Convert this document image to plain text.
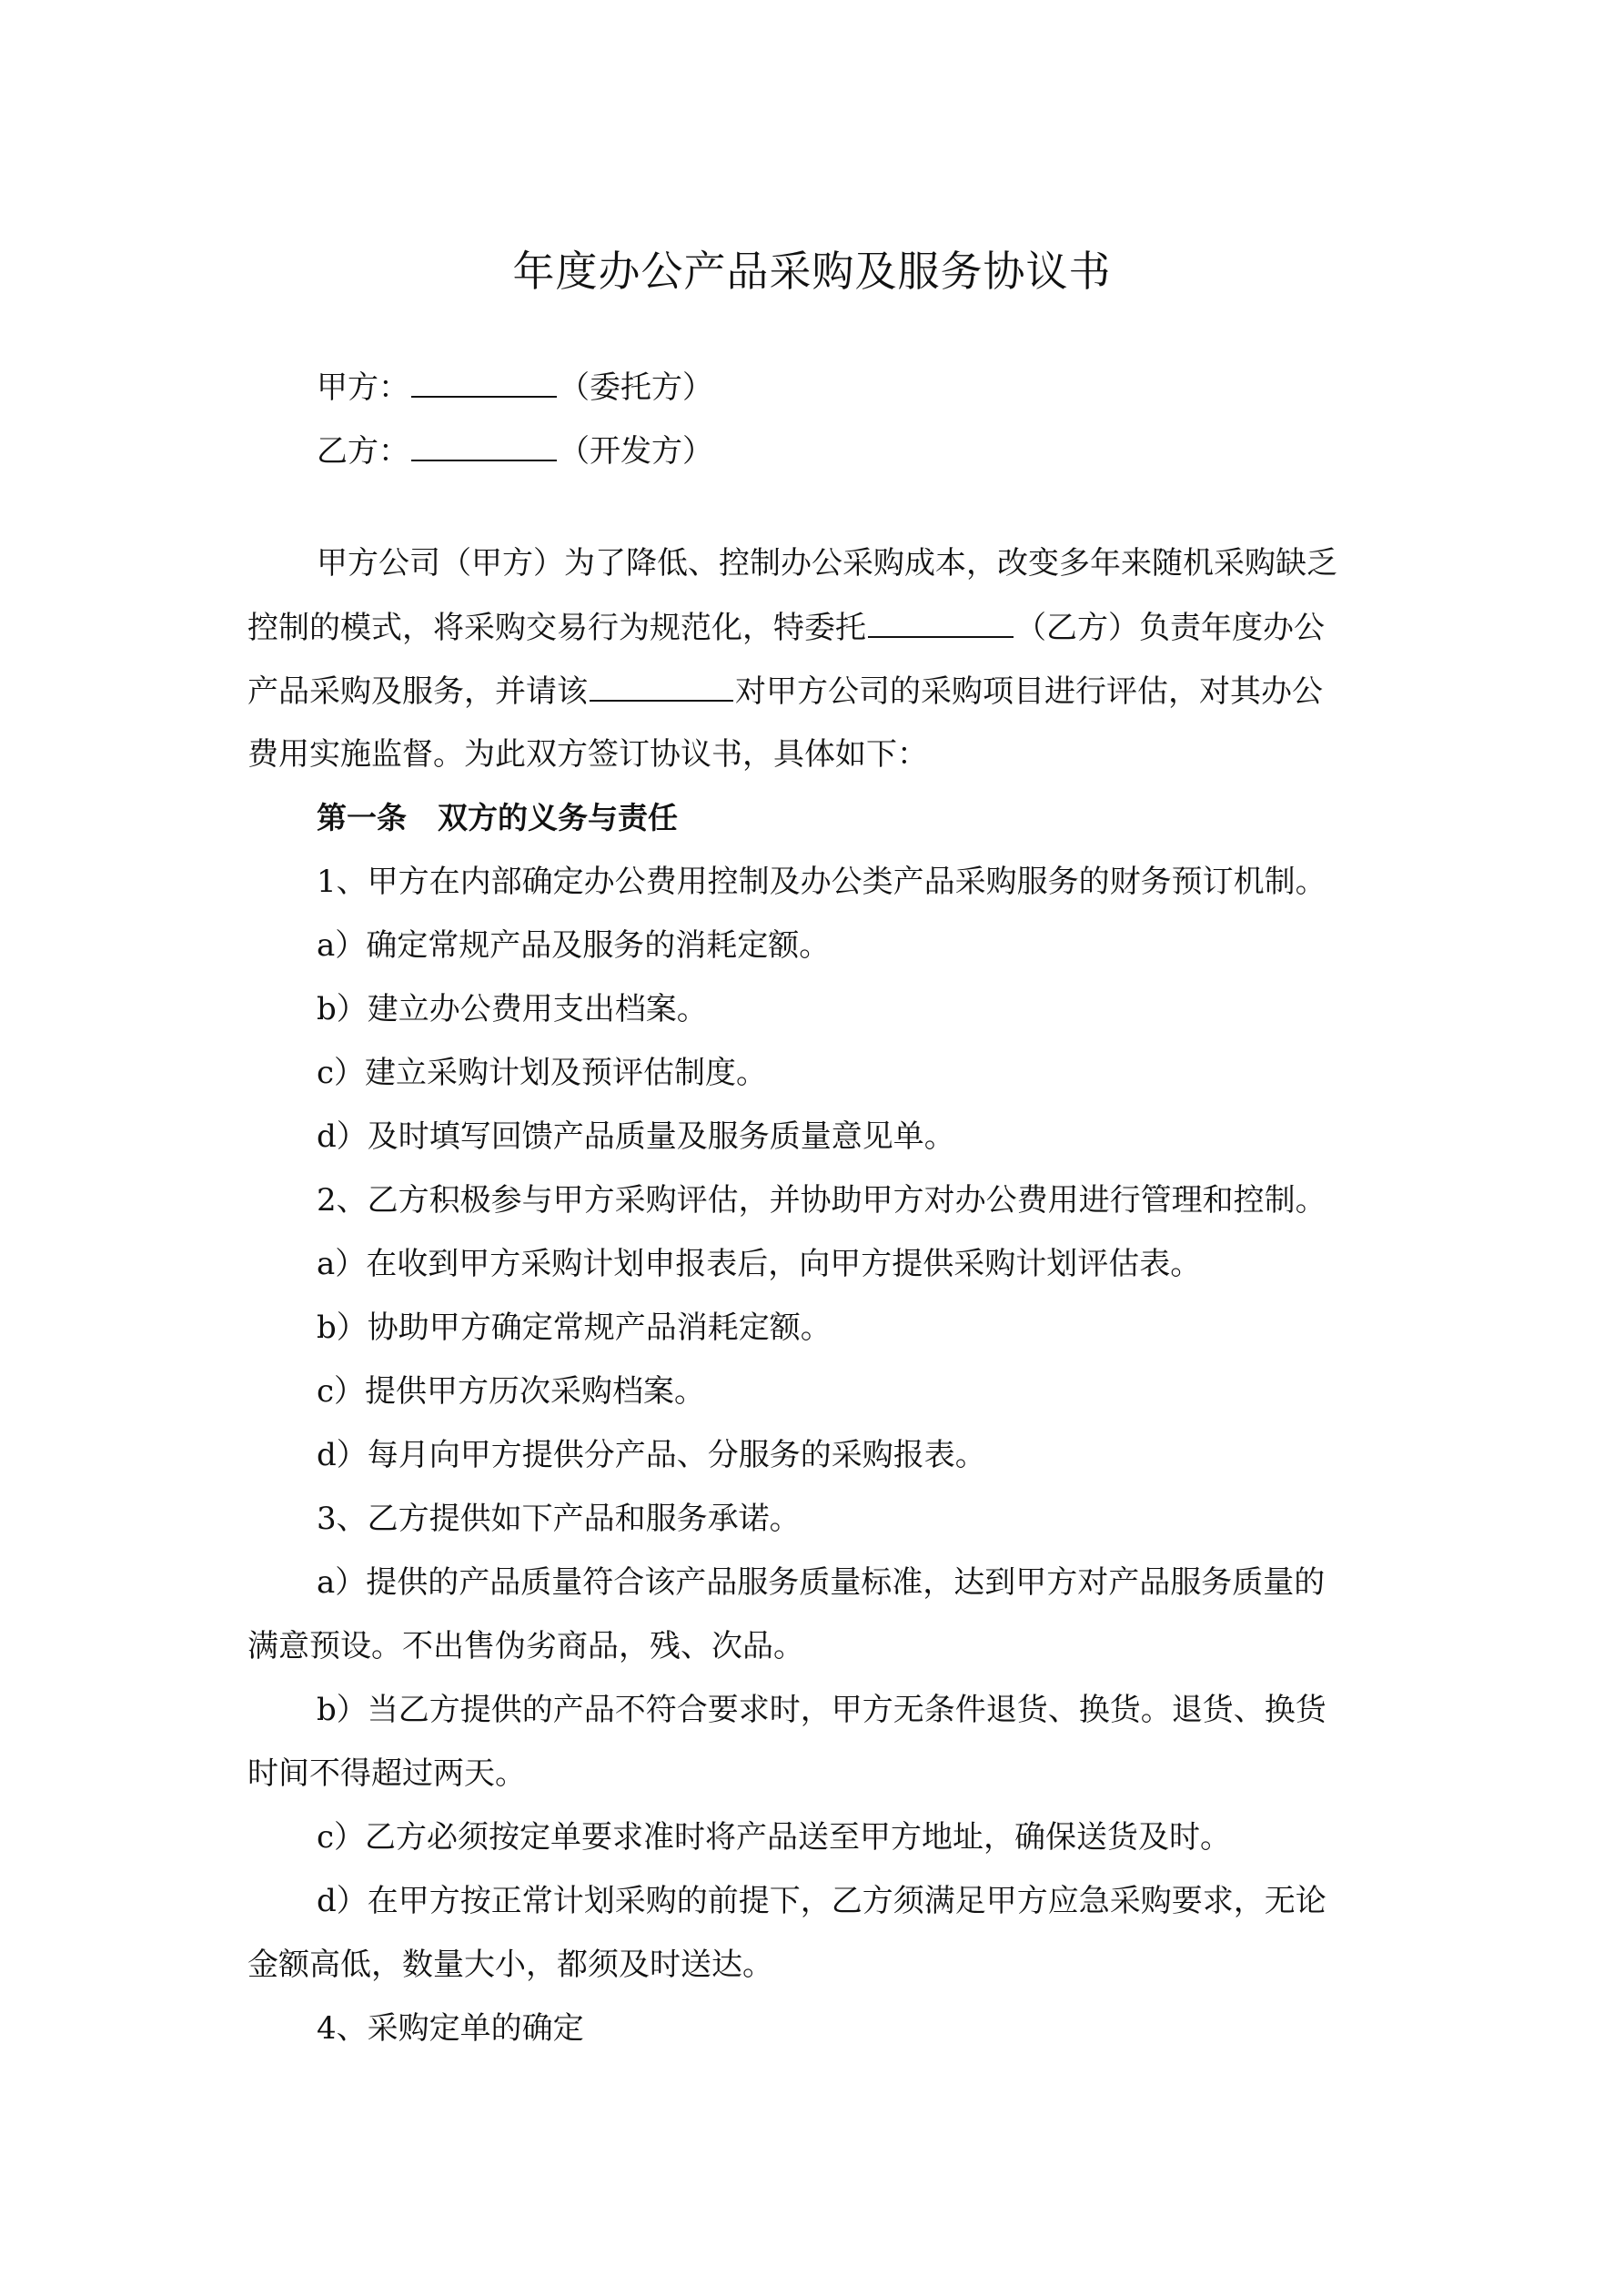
年度办公产品采购及服务协议书
甲方：	（委托方）
乙方：	（开发方）
甲方公司（甲方）为了降低、控制办公采购成本，改变多年来随机采购缺乏
控制的模式，将采购交易行为规范化，特委托	（乙方）负责年度办公
产品采购及服务，并请该	对甲方公司的采购项目进行评估，对其办公
费用实施监督。为此双方签订协议书，具体如下：
第一条 双方的义务与责任
1、甲方在内部确定办公费用控制及办公类产品采购服务的财务预订机制。
a）确定常规产品及服务的消耗定额。
b）建立办公费用支出档案。
c）建立采购计划及预评估制度。
d）及时填写回馈产品质量及服务质量意见单。
2、乙方积极参与甲方采购评估，并协助甲方对办公费用进行管理和控制。
a）在收到甲方采购计划申报表后，向甲方提供采购计划评估表。
b）协助甲方确定常规产品消耗定额。
c）提供甲方历次采购档案。
d）每月向甲方提供分产品、分服务的采购报表。
3、乙方提供如下产品和服务承诺。
a）提供的产品质量符合该产品服务质量标准，达到甲方对产品服务质量的
满意预设。不出售伪劣商品，残、次品。
b）当乙方提供的产品不符合要求时，甲方无条件退货、换货。退货、换货
时间不得超过两天。
c）乙方必须按定单要求准时将产品送至甲方地址，确保送货及时。
d）在甲方按正常计划采购的前提下，乙方须满足甲方应急采购要求，无论
金额高低，数量大小，都须及时送达。
4、采购定单的确定
